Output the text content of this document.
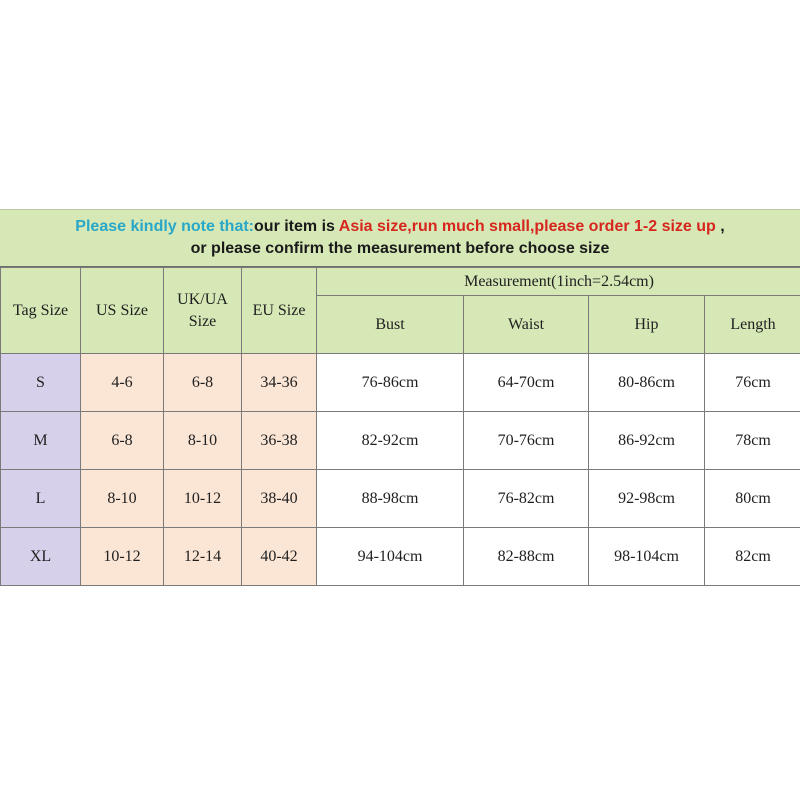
Please kindly note that:our item is Asia size,run much small,please order 1-2 size up ,
or please confirm the measurement before choose size
Tag Size	US Size	UK/UA Size	EU Size	Measurement(1inch=2.54cm)			
				Bust	Waist	Hip	Length
S	4-6	6-8	34-36	76-86cm	64-70cm	80-86cm	76cm
M	6-8	8-10	36-38	82-92cm	70-76cm	86-92cm	78cm
L	8-10	10-12	38-40	88-98cm	76-82cm	92-98cm	80cm
XL	10-12	12-14	40-42	94-104cm	82-88cm	98-104cm	82cm
